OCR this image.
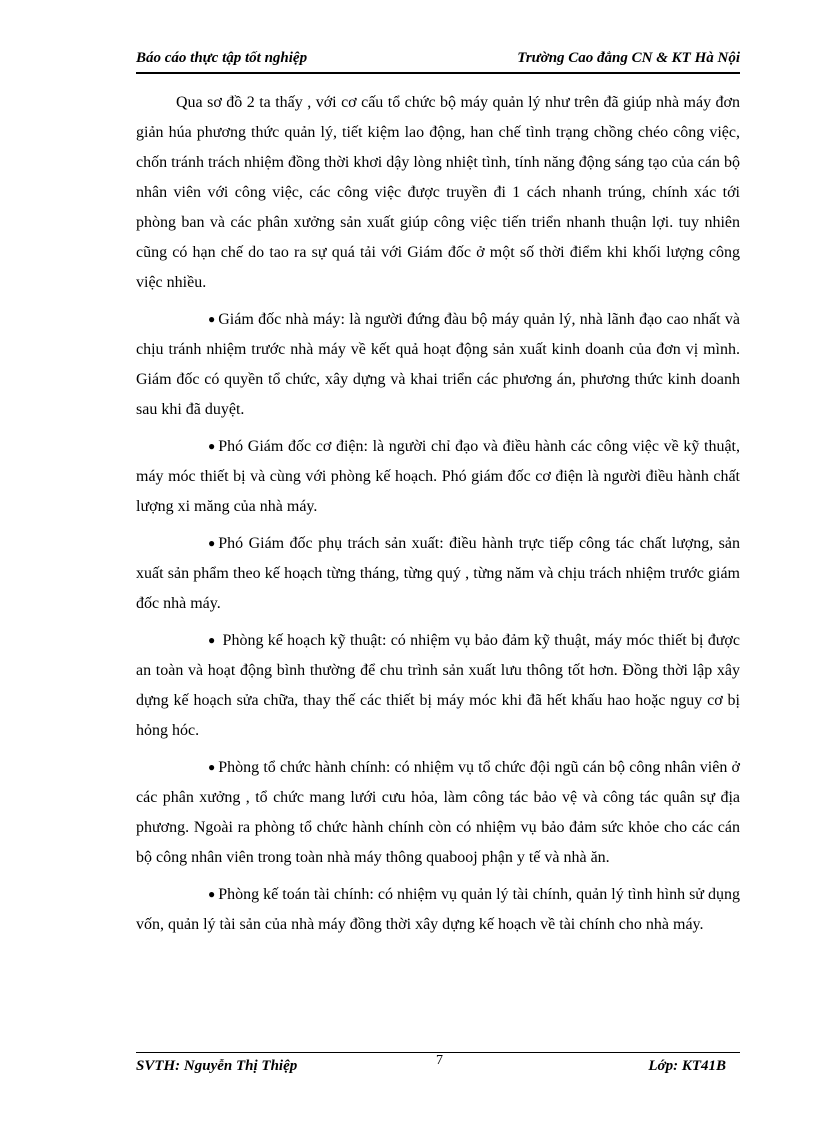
Báo cáo thực tập tốt nghiệp	Trường Cao đẳng CN & KT Hà Nội

Qua sơ đồ 2 ta thấy , với cơ cấu tổ chức bộ máy quản lý như trên đã giúp nhà máy đơn giản húa phương thức quản lý, tiết kiệm lao động, han chế tình trạng chồng chéo công việc, chốn tránh trách nhiệm đồng thời khơi dậy lòng nhiệt tình, tính năng động sáng tạo của cán bộ nhân viên với công việc, các công việc được truyền đi 1 cách nhanh trúng, chính xác tới phòng ban và các phân xưởng sản xuất giúp công việc tiến triển nhanh thuận lợi. tuy nhiên cũng có hạn chế do tao ra sự quá tải với Giám đốc ở một số thời điểm khi khối lượng công việc nhiều.

● Giám đốc nhà máy: là người đứng đàu bộ máy quản lý, nhà lãnh đạo cao nhất và chịu tránh nhiệm trước nhà máy về kết quả hoạt động sản xuất kinh doanh của đơn vị mình. Giám đốc có quyền tổ chức, xây dựng và khai triển các phương án, phương thức kinh doanh sau khi đã duyệt.

● Phó Giám đốc cơ điện: là người chỉ đạo và điều hành các công việc về kỹ thuật, máy móc thiết bị và cùng với phòng kế hoạch. Phó giám đốc cơ điện là người điều hành chất lượng xi măng của nhà máy.

● Phó Giám đốc phụ trách sản xuất: điều hành trực tiếp công tác chất lượng, sản xuất sản phẩm theo kế hoạch từng tháng, từng quý , từng năm và chịu trách nhiệm trước giám đốc nhà máy.

● Phòng kế hoạch kỹ thuật: có nhiệm vụ bảo đảm kỹ thuật, máy móc thiết bị được an toàn và hoạt động bình thường để chu trình sản xuất lưu thông tốt hơn. Đồng thời lập xây dựng kế hoạch sửa chữa, thay thế các thiết bị máy móc khi đã hết khấu hao hoặc nguy cơ bị hỏng hóc.

● Phòng tổ chức hành chính: có nhiệm vụ tổ chức đội ngũ cán bộ công nhân viên ở các phân xưởng , tổ chức mang lưới cưu hỏa, làm công tác bảo vệ và công tác quân sự địa phương. Ngoài ra phòng tổ chức hành chính còn có nhiệm vụ bảo đảm sức khỏe cho các cán bộ công nhân viên trong toàn nhà máy thông quabooj phận y tế và nhà ăn.

● Phòng kế toán tài chính: có nhiệm vụ quản lý tài chính, quản lý tình hình sử dụng vốn, quản lý tài sản của nhà máy đồng thời xây dựng kế hoạch về tài chính cho nhà máy.

SVTH: Nguyễn Thị Thiệp	7	Lớp: KT41B
